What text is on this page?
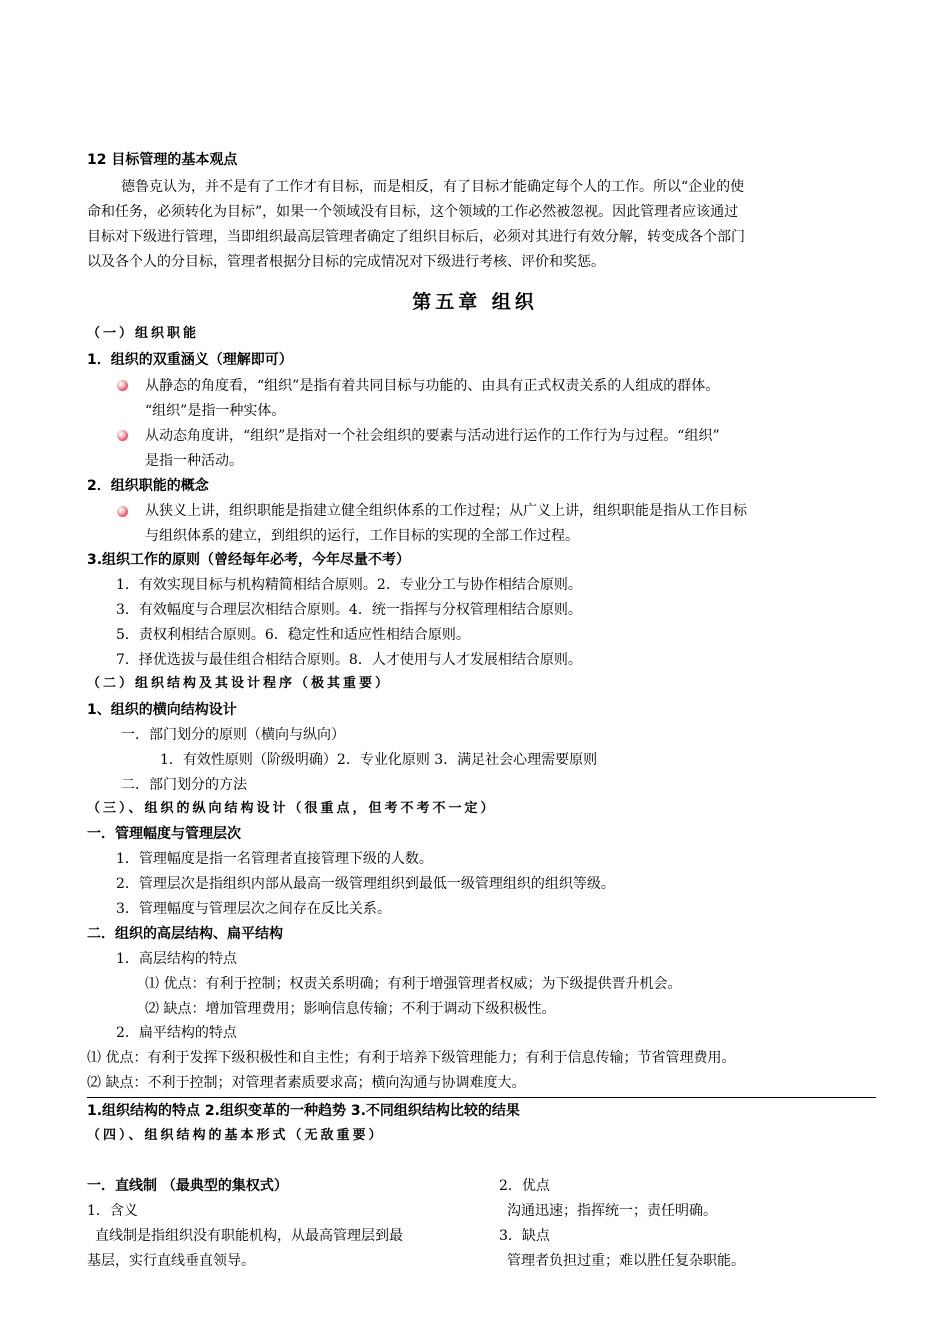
12 目标管理的基本观点
德鲁克认为，并不是有了工作才有目标，而是相反，有了目标才能确定每个人的工作。所以“企业的使
命和任务，必须转化为目标”，如果一个领域没有目标，这个领域的工作必然被忽视。因此管理者应该通过
目标对下级进行管理，当即组织最高层管理者确定了组织目标后，必须对其进行有效分解，转变成各个部门
以及各个人的分目标，管理者根据分目标的完成情况对下级进行考核、评价和奖惩。
第五章 组织
（一）组织职能
1．组织的双重涵义（理解即可）
从静态的角度看，“组织”是指有着共同目标与功能的、由具有正式权责关系的人组成的群体。
“组织”是指一种实体。
从动态角度讲，“组织”是指对一个社会组织的要素与活动进行运作的工作行为与过程。“组织”
是指一种活动。
2．组织职能的概念
从狭义上讲，组织职能是指建立健全组织体系的工作过程；从广义上讲，组织职能是指从工作目标
与组织体系的建立，到组织的运行，工作目标的实现的全部工作过程。
3.组织工作的原则（曾经每年必考，今年尽量不考）
1．有效实现目标与机构精简相结合原则。2．专业分工与协作相结合原则。
3．有效幅度与合理层次相结合原则。4．统一指挥与分权管理相结合原则。
5．责权利相结合原则。6．稳定性和适应性相结合原则。
7．择优选拔与最佳组合相结合原则。8．人才使用与人才发展相结合原则。
（二）组织结构及其设计程序（极其重要）
1、组织的横向结构设计
一．部门划分的原则（横向与纵向）
1．有效性原则（阶级明确）2．专业化原则 3．满足社会心理需要原则
二．部门划分的方法
（三）、组织的纵向结构设计（很重点，但考不考不一定）
一．管理幅度与管理层次
1．管理幅度是指一名管理者直接管理下级的人数。
2．管理层次是指组织内部从最高一级管理组织到最低一级管理组织的组织等级。
3．管理幅度与管理层次之间存在反比关系。
二．组织的高层结构、扁平结构
1．高层结构的特点
⑴ 优点：有利于控制；权责关系明确；有利于增强管理者权威；为下级提供晋升机会。
⑵ 缺点：增加管理费用；影响信息传输；不利于调动下级积极性。
2．扁平结构的特点
⑴ 优点：有利于发挥下级积极性和自主性；有利于培养下级管理能力；有利于信息传输；节省管理费用。
⑵ 缺点：不利于控制；对管理者素质要求高；横向沟通与协调难度大。
1.组织结构的特点 2.组织变革的一种趋势 3.不同组织结构比较的结果
（四）、组织结构的基本形式（无敌重要）
一．直线制 （最典型的集权式）
1．含义
直线制是指组织没有职能机构，从最高管理层到最
基层，实行直线垂直领导。
2．优点
沟通迅速；指挥统一；责任明确。
3．缺点
管理者负担过重；难以胜任复杂职能。
